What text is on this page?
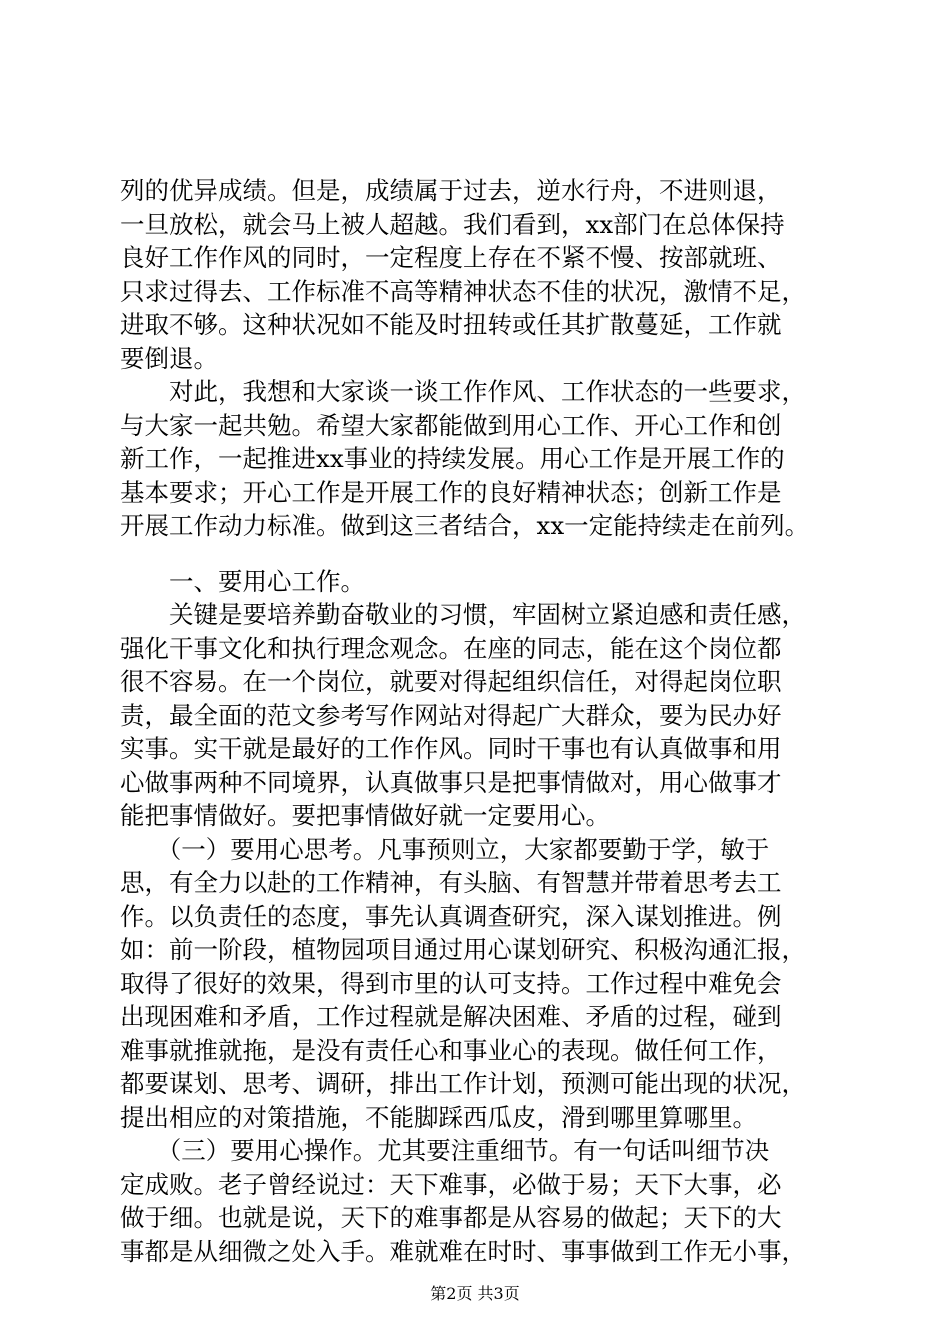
列的优异成绩。但是，成绩属于过去，逆水行舟，不进则退，
一旦放松，就会马上被人超越。我们看到，xx部门在总体保持
良好工作作风的同时，一定程度上存在不紧不慢、按部就班、
只求过得去、工作标准不高等精神状态不佳的状况，激情不足，
进取不够。这种状况如不能及时扭转或任其扩散蔓延，工作就
要倒退。
　　对此，我想和大家谈一谈工作作风、工作状态的一些要求，
与大家一起共勉。希望大家都能做到用心工作、开心工作和创
新工作，一起推进xx事业的持续发展。用心工作是开展工作的
基本要求；开心工作是开展工作的良好精神状态；创新工作是
开展工作动力标准。做到这三者结合，xx一定能持续走在前列。
　　一、要用心工作。
　　关键是要培养勤奋敬业的习惯，牢固树立紧迫感和责任感，
强化干事文化和执行理念观念。在座的同志，能在这个岗位都
很不容易。在一个岗位，就要对得起组织信任，对得起岗位职
责，最全面的范文参考写作网站对得起广大群众，要为民办好
实事。实干就是最好的工作作风。同时干事也有认真做事和用
心做事两种不同境界，认真做事只是把事情做对，用心做事才
能把事情做好。要把事情做好就一定要用心。
　　（一）要用心思考。凡事预则立，大家都要勤于学，敏于
思，有全力以赴的工作精神，有头脑、有智慧并带着思考去工
作。以负责任的态度，事先认真调查研究，深入谋划推进。例
如：前一阶段，植物园项目通过用心谋划研究、积极沟通汇报，
取得了很好的效果，得到市里的认可支持。工作过程中难免会
出现困难和矛盾，工作过程就是解决困难、矛盾的过程，碰到
难事就推就拖，是没有责任心和事业心的表现。做任何工作，
都要谋划、思考、调研，排出工作计划，预测可能出现的状况，
提出相应的对策措施，不能脚踩西瓜皮，滑到哪里算哪里。
　　（三）要用心操作。尤其要注重细节。有一句话叫细节决
定成败。老子曾经说过：天下难事，必做于易；天下大事，必
做于细。也就是说，天下的难事都是从容易的做起；天下的大
事都是从细微之处入手。难就难在时时、事事做到工作无小事，
第2页 共3页
